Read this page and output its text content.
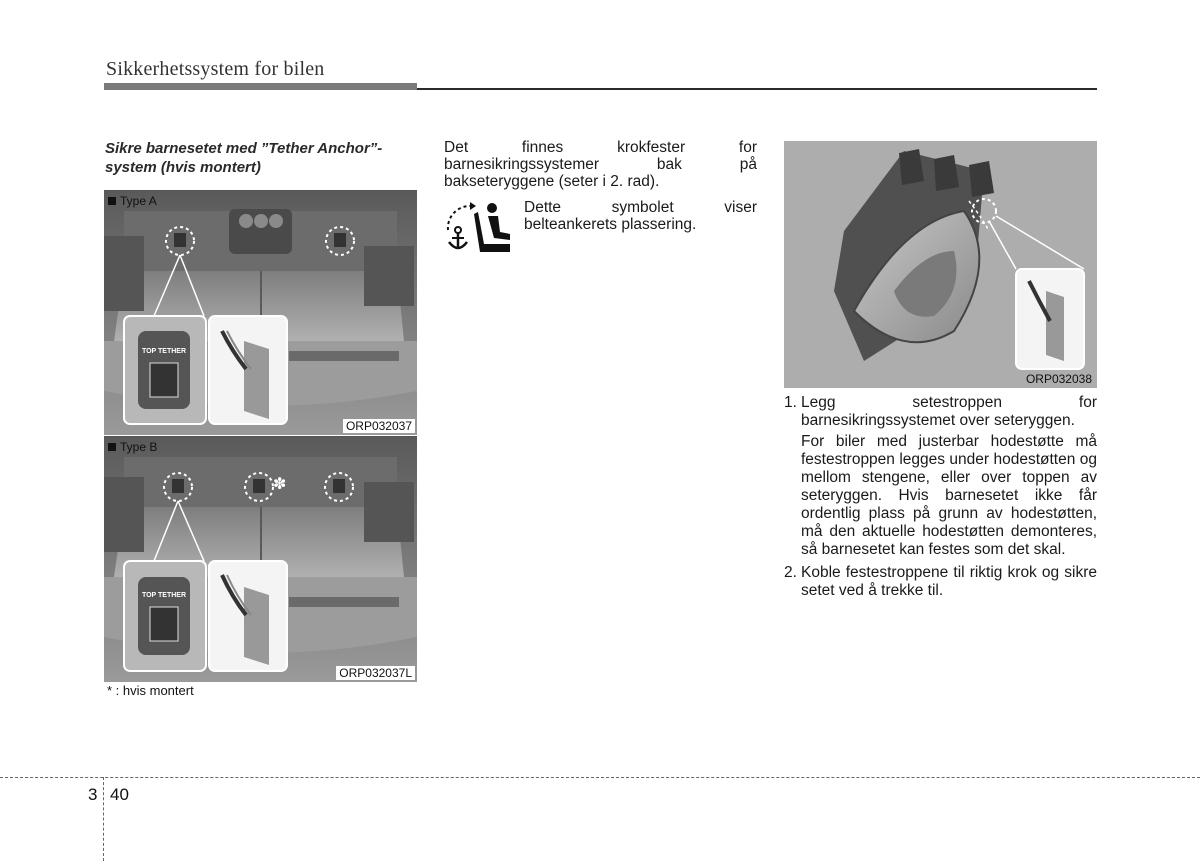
Sikkerhetssystem for bilen
Sikre barnesetet med ”Tether Anchor”-system (hvis montert)
TOP TETHER
Type A
ORP032037
✽
TOP TETHER
Type B
ORP032037L
* : hvis montert
Det finnes krokfester for barnesikringssystemer bak på bakseteryggene (seter i 2. rad).
Dette symbolet viser belteankerets plassering.
ORP032038
1. Legg setestroppen for barnesikringssystemet over seteryggen.

For biler med justerbar hodestøtte må festestroppen legges under hodestøtten og mellom stengene, eller over toppen av seteryggen. Hvis barnesetet ikke får ordentlig plass på grunn av hodestøtten, må den aktuelle hodestøtten demonteres, så barnesetet kan festes som det skal.

2. Koble festestroppene til riktig krok og sikre setet ved å trekke til.

3 40
